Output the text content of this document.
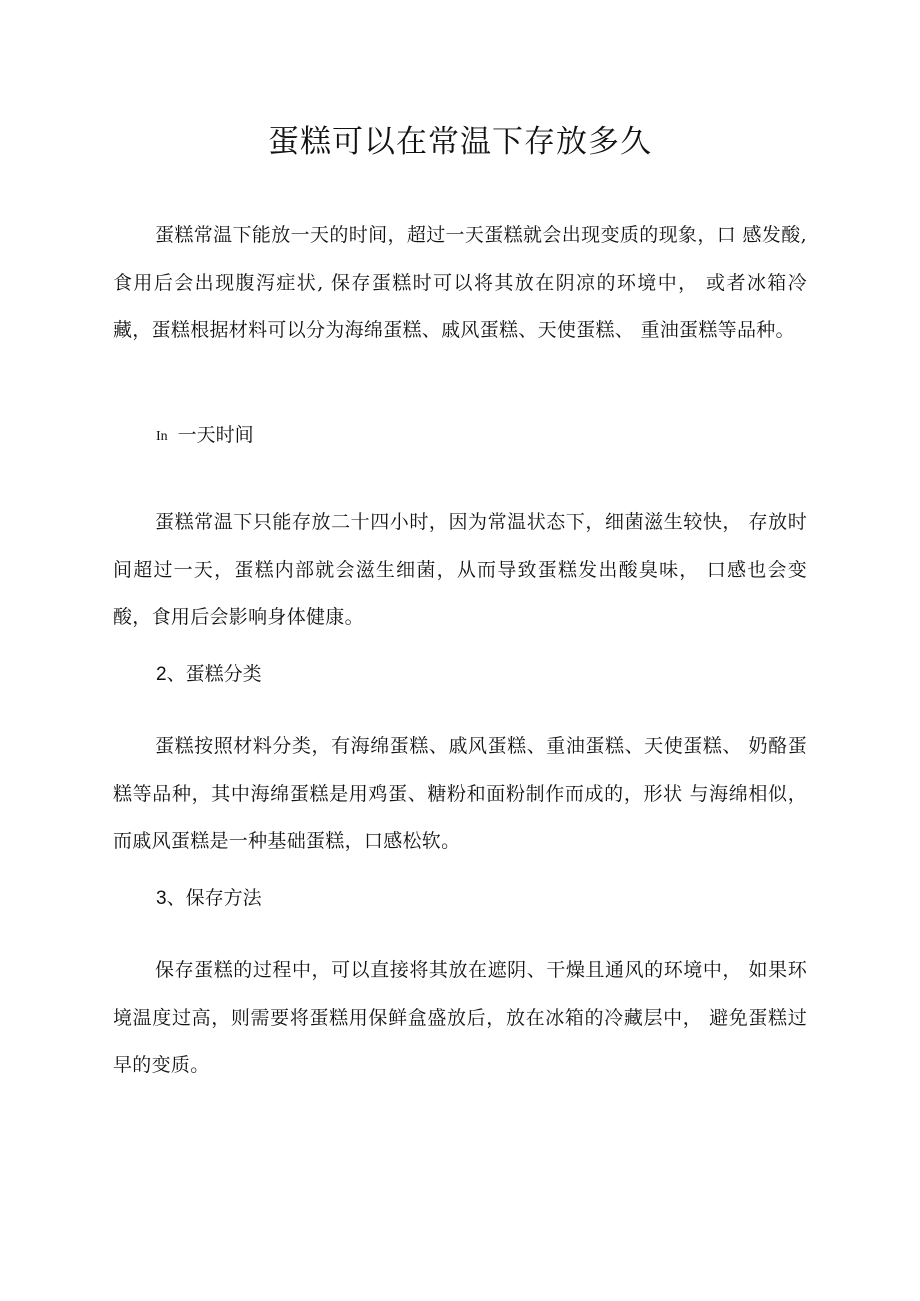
蛋糕可以在常温下存放多久

蛋糕常温下能放一天的时间，超过一天蛋糕就会出现变质的现象，口 感发酸, 食用后会出现腹泻症状, 保存蛋糕时可以将其放在阴凉的环境中， 或者冰箱冷藏，蛋糕根据材料可以分为海绵蛋糕、戚风蛋糕、天使蛋糕、 重油蛋糕等品种。

In 一天时间

蛋糕常温下只能存放二十四小时，因为常温状态下，细菌滋生较快， 存放时间超过一天，蛋糕内部就会滋生细菌，从而导致蛋糕发出酸臭味， 口感也会变酸，食用后会影响身体健康。

2、蛋糕分类

蛋糕按照材料分类，有海绵蛋糕、戚风蛋糕、重油蛋糕、天使蛋糕、 奶酪蛋糕等品种，其中海绵蛋糕是用鸡蛋、糖粉和面粉制作而成的，形状 与海绵相似，而戚风蛋糕是一种基础蛋糕，口感松软。

3、保存方法

保存蛋糕的过程中，可以直接将其放在遮阴、干燥且通风的环境中， 如果环境温度过高，则需要将蛋糕用保鲜盒盛放后，放在冰箱的冷藏层中， 避免蛋糕过早的变质。
